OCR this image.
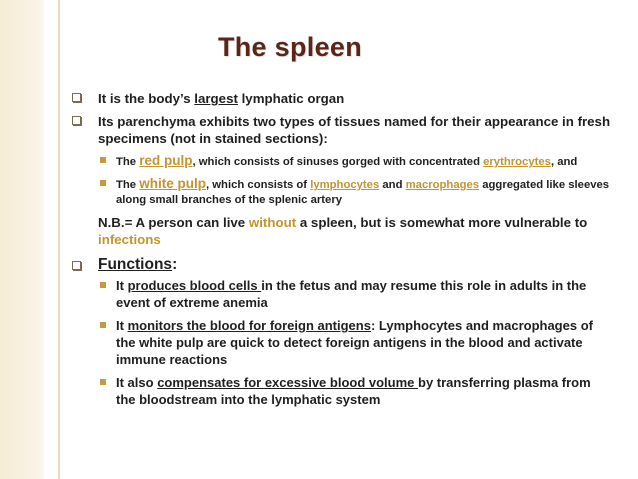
The spleen
It is the body’s largest lymphatic organ
Its parenchyma exhibits two types of tissues named for their appearance in fresh specimens (not in stained sections):
The red pulp, which consists of sinuses gorged with concentrated erythrocytes, and
The white pulp, which consists of lymphocytes and macrophages aggregated like sleeves along small branches of the splenic artery
N.B.= A person can live without a spleen, but is somewhat more vulnerable to infections
Functions:
It produces blood cells in the fetus and may resume this role in adults in the event of extreme anemia
It monitors the blood for foreign antigens: Lymphocytes and macrophages of the white pulp are quick to detect foreign antigens in the blood and activate immune reactions
It also compensates for excessive blood volume by transferring plasma from the bloodstream into the lymphatic system
